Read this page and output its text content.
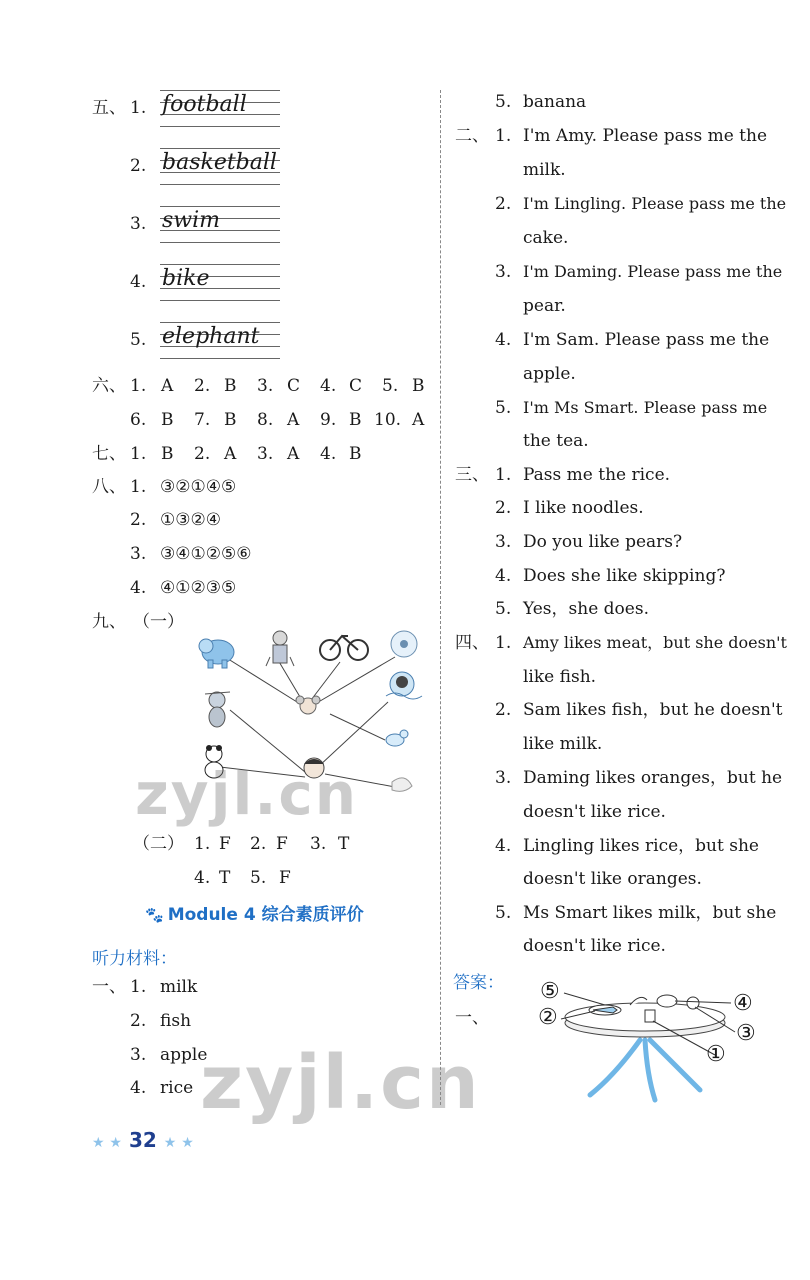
五、 1. football
2. basketball
3. swim
4. bike
5. elephant
六、 1. A 2. B 3. C 4. C 5. B
6. B 7. B 8. A 9. B 10. A
七、 1. B 2. A 3. A 4. B
八、 1. ③②①④⑤
2. ①③②④
3. ③④①②⑤⑥
4. ④①②③⑤
九、 （一）
zyjl.cn
（二） 1. F 2. F 3. T
4. T 5. F
🐾 Module 4 综合素质评价
听力材料：
一、 1. milk
2. fish
3. apple
4. rice zyjl.cn
★ ★ 32 ★ ★
5. banana
二、 1. I'm Amy. Please pass me the
milk.
2. I'm Lingling. Please pass me the
cake.
3. I'm Daming. Please pass me the
pear.
4. I'm Sam. Please pass me the
apple.
5. I'm Ms Smart. Please pass me
the tea.
三、 1. Pass me the rice.
2. I like noodles.
3. Do you like pears?
4. Does she like skipping?
5. Yes，she does.
四、 1. Amy likes meat，but she doesn't
like fish.
2. Sam likes fish，but he doesn't
like milk.
3. Daming likes oranges，but he
doesn't like rice.
4. Lingling likes rice，but she
doesn't like oranges.
5. Ms Smart likes milk，but she
doesn't like rice.
答案：
一、
⑤
②
④
③
①
